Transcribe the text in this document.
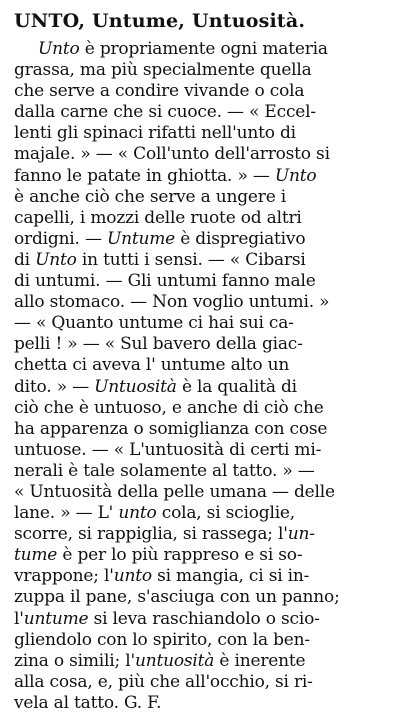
UNTO, Untume, Untuosità.
Unto è propriamente ogni materia
grassa, ma più specialmente quella
che serve a condire vivande o cola
dalla carne che si cuoce. — « Eccel-
lenti gli spinaci rifatti nell'unto di
majale. » — « Coll'unto dell'arrosto si
fanno le patate in ghiotta. » — Unto
è anche ciò che serve a ungere i
capelli, i mozzi delle ruote od altri
ordigni. — Untume è dispregiativo
di Unto in tutti i sensi. — « Cibarsi
di untumi. — Gli untumi fanno male
allo stomaco. — Non voglio untumi. »
— « Quanto untume ci hai sui ca-
pelli ! » — « Sul bavero della giac-
chetta ci aveva l' untume alto un
dito. » — Untuosità è la qualità di
ciò che è untuoso, e anche di ciò che
ha apparenza o somiglianza con cose
untuose. — « L'untuosità di certi mi-
nerali è tale solamente al tatto. » —
« Untuosità della pelle umana — delle
lane. » — L' unto cola, si scioglie,
scorre, si rappiglia, si rassega; l'un-
tume è per lo più rappreso e si so-
vrappone; l'unto si mangia, ci si in-
zuppa il pane, s'asciuga con un panno;
l'untume si leva raschiandolo o scio-
gliendolo con lo spirito, con la ben-
zina o simili; l'untuosità è inerente
alla cosa, e, più che all'occhio, si ri-
vela al tatto. G. F.
